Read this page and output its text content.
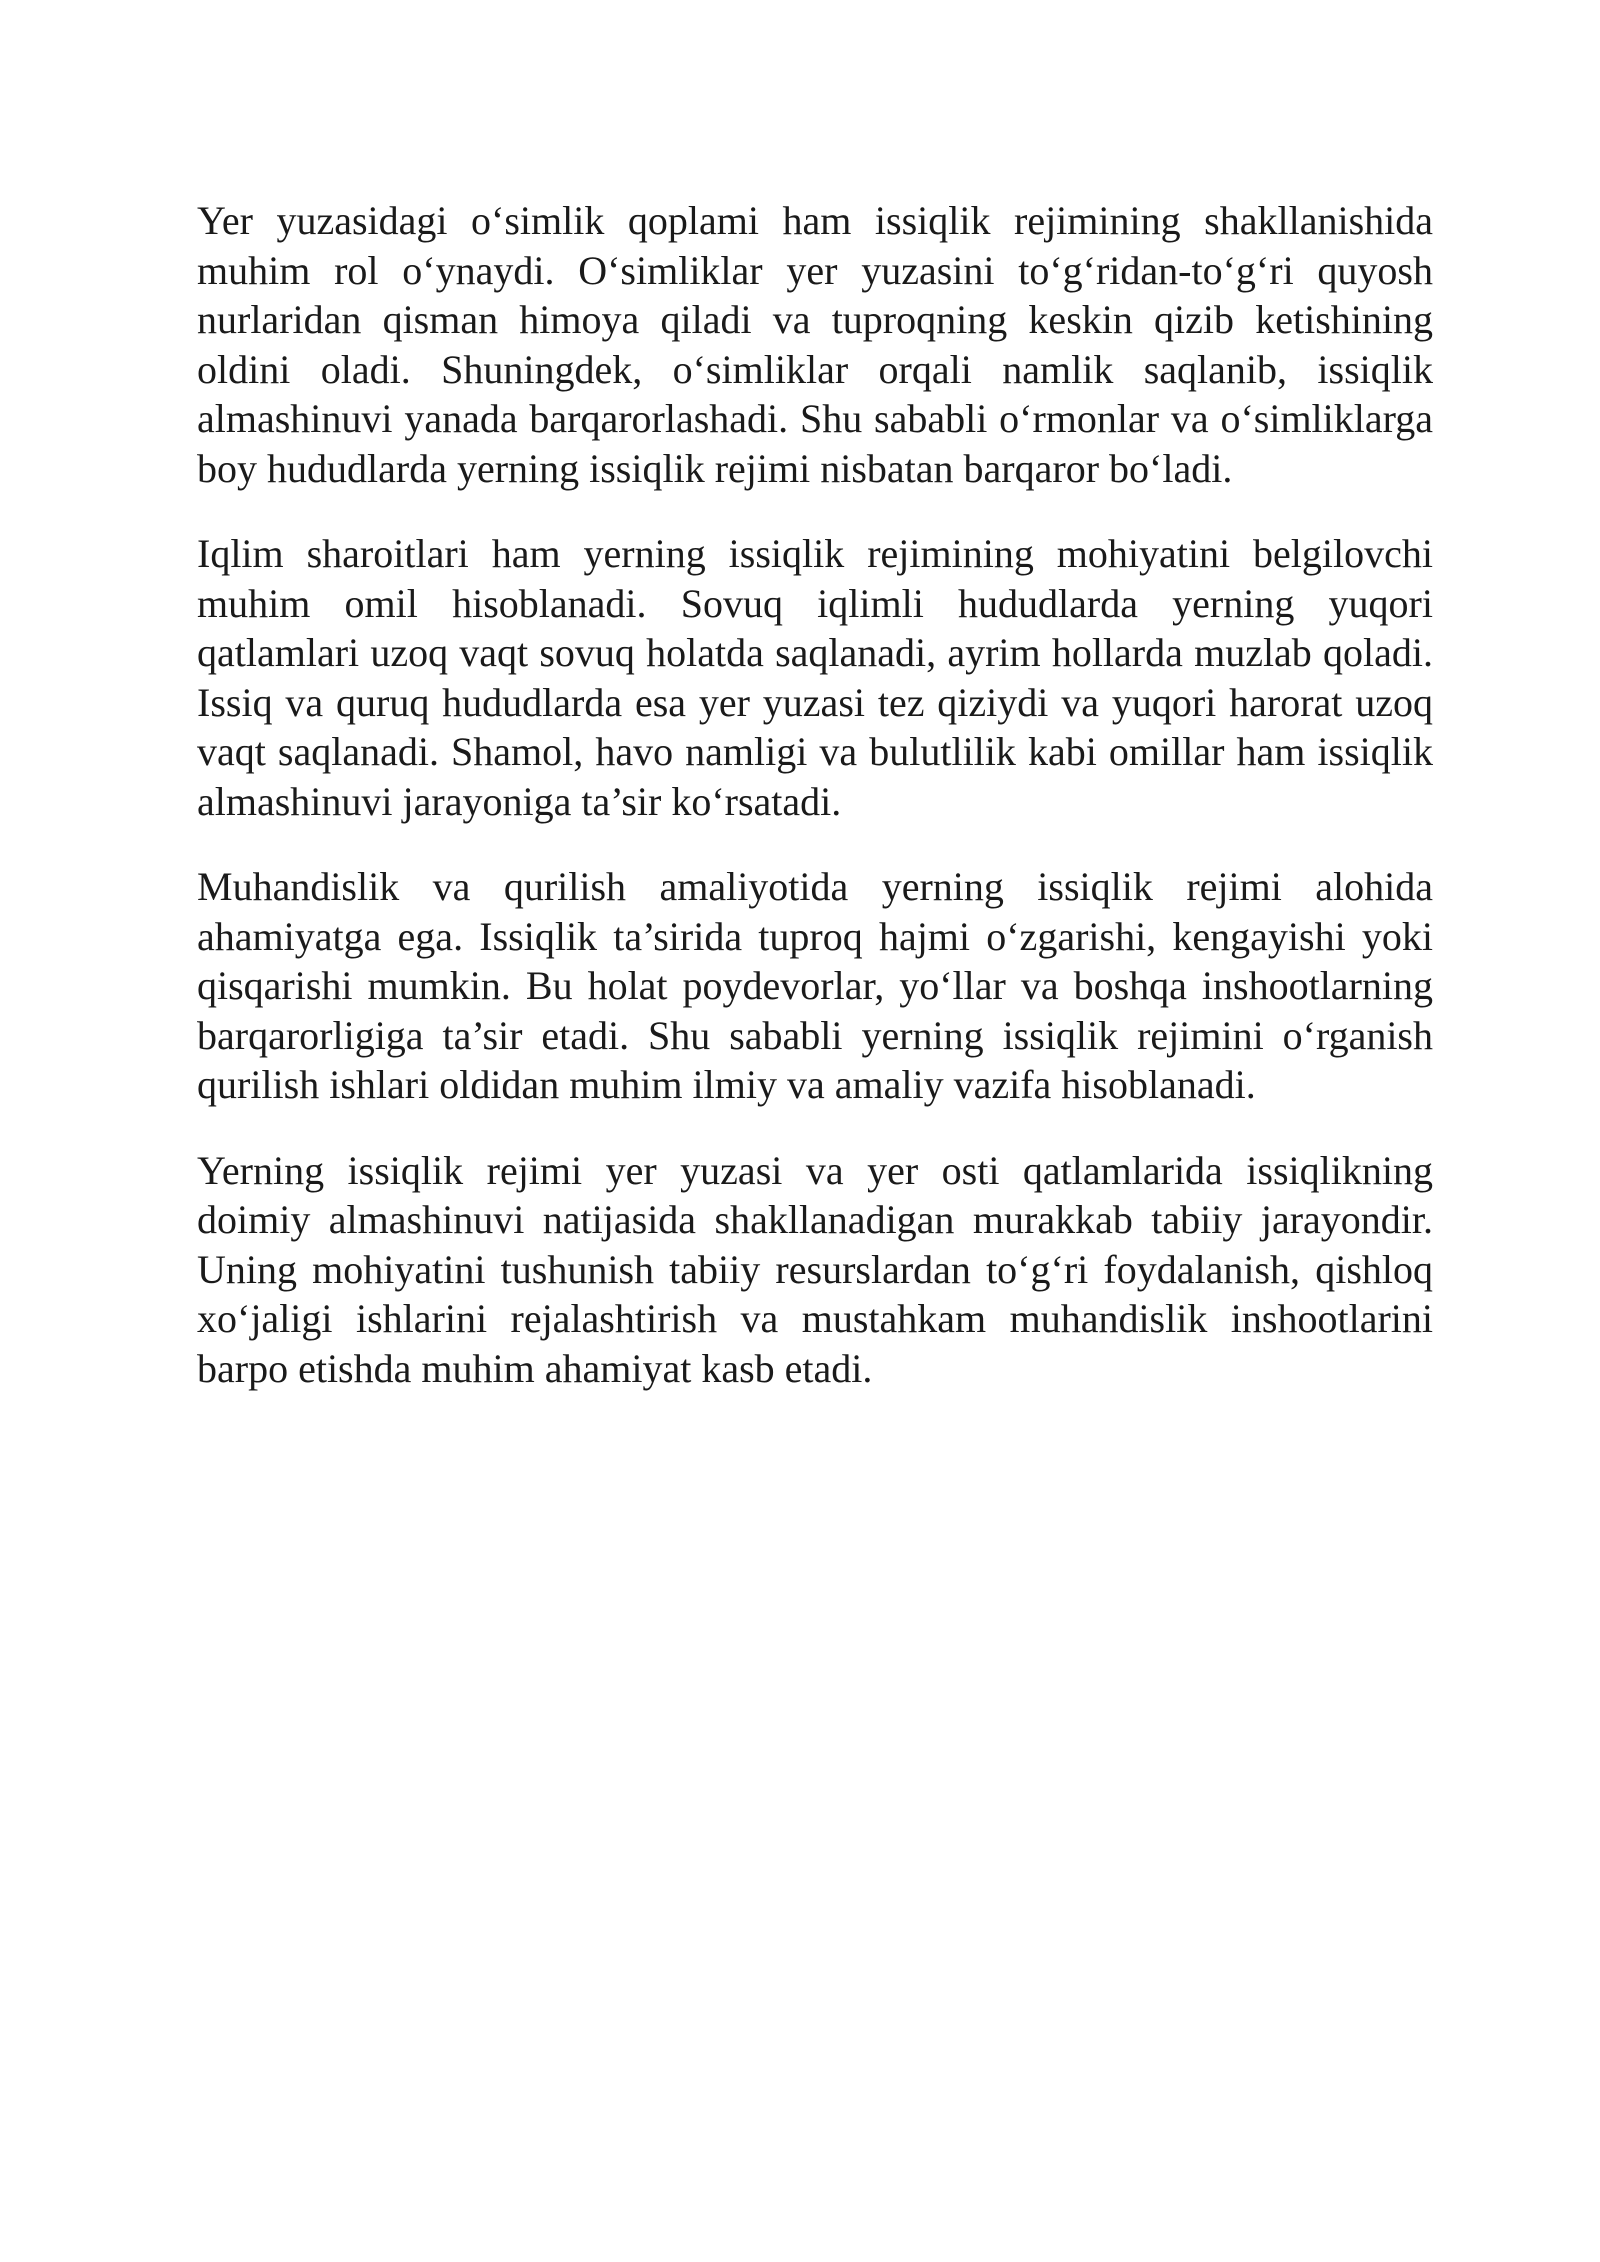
Yer yuzasidagi o‘simlik qoplami ham issiqlik rejimining shakllanishida muhim rol o‘ynaydi. O‘simliklar yer yuzasini to‘g‘ridan-to‘g‘ri quyosh nurlaridan qisman himoya qiladi va tuproqning keskin qizib ketishining oldini oladi. Shuningdek, o‘simliklar orqali namlik saqlanib, issiqlik almashinuvi yanada barqarorlashadi. Shu sababli o‘rmonlar va o‘simliklarga boy hududlarda yerning issiqlik rejimi nisbatan barqaror bo‘ladi.

Iqlim sharoitlari ham yerning issiqlik rejimining mohiyatini belgilovchi muhim omil hisoblanadi. Sovuq iqlimli hududlarda yerning yuqori qatlamlari uzoq vaqt sovuq holatda saqlanadi, ayrim hollarda muzlab qoladi. Issiq va quruq hududlarda esa yer yuzasi tez qiziydi va yuqori harorat uzoq vaqt saqlanadi. Shamol, havo namligi va bulutlilik kabi omillar ham issiqlik almashinuvi jarayoniga ta’sir ko‘rsatadi.

Muhandislik va qurilish amaliyotida yerning issiqlik rejimi alohida ahamiyatga ega. Issiqlik ta’sirida tuproq hajmi o‘zgarishi, kengayishi yoki qisqarishi mumkin. Bu holat poydevorlar, yo‘llar va boshqa inshootlarning barqarorligiga ta’sir etadi. Shu sababli yerning issiqlik rejimini o‘rganish qurilish ishlari oldidan muhim ilmiy va amaliy vazifa hisoblanadi.

Yerning issiqlik rejimi yer yuzasi va yer osti qatlamlarida issiqlikning doimiy almashinuvi natijasida shakllanadigan murakkab tabiiy jarayondir. Uning mohiyatini tushunish tabiiy resurslardan to‘g‘ri foydalanish, qishloq xo‘jaligi ishlarini rejalashtirish va mustahkam muhandislik inshootlarini barpo etishda muhim ahamiyat kasb etadi.
